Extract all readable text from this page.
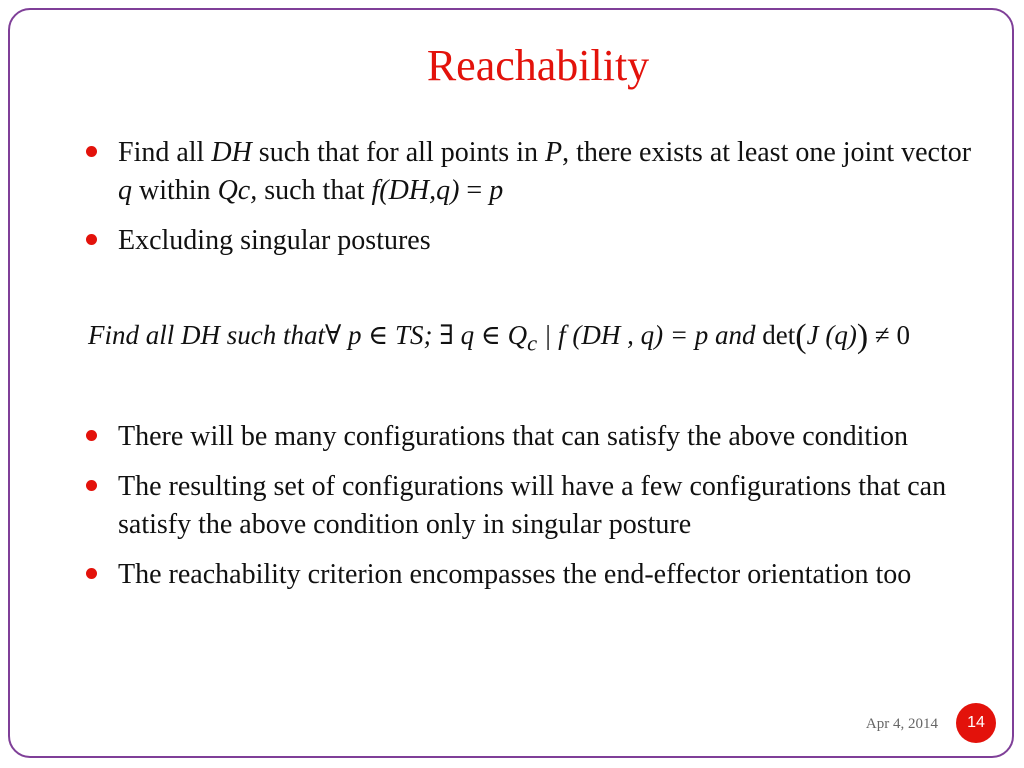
Reachability
Find all DH such that for all points in P, there exists at least one joint vector q within Qc, such that f(DH,q) = p
Excluding singular postures
Find all DH such that∀ p ∈ TS; ∃ q ∈ $Q_c$ | f (DH , q) = p and det(J (q)) ≠ 0
There will be many configurations that can satisfy the above condition
The resulting set of configurations will have a few configurations that can satisfy the above condition only in singular posture
The reachability criterion encompasses the end-effector orientation too
Apr 4, 2014	14
